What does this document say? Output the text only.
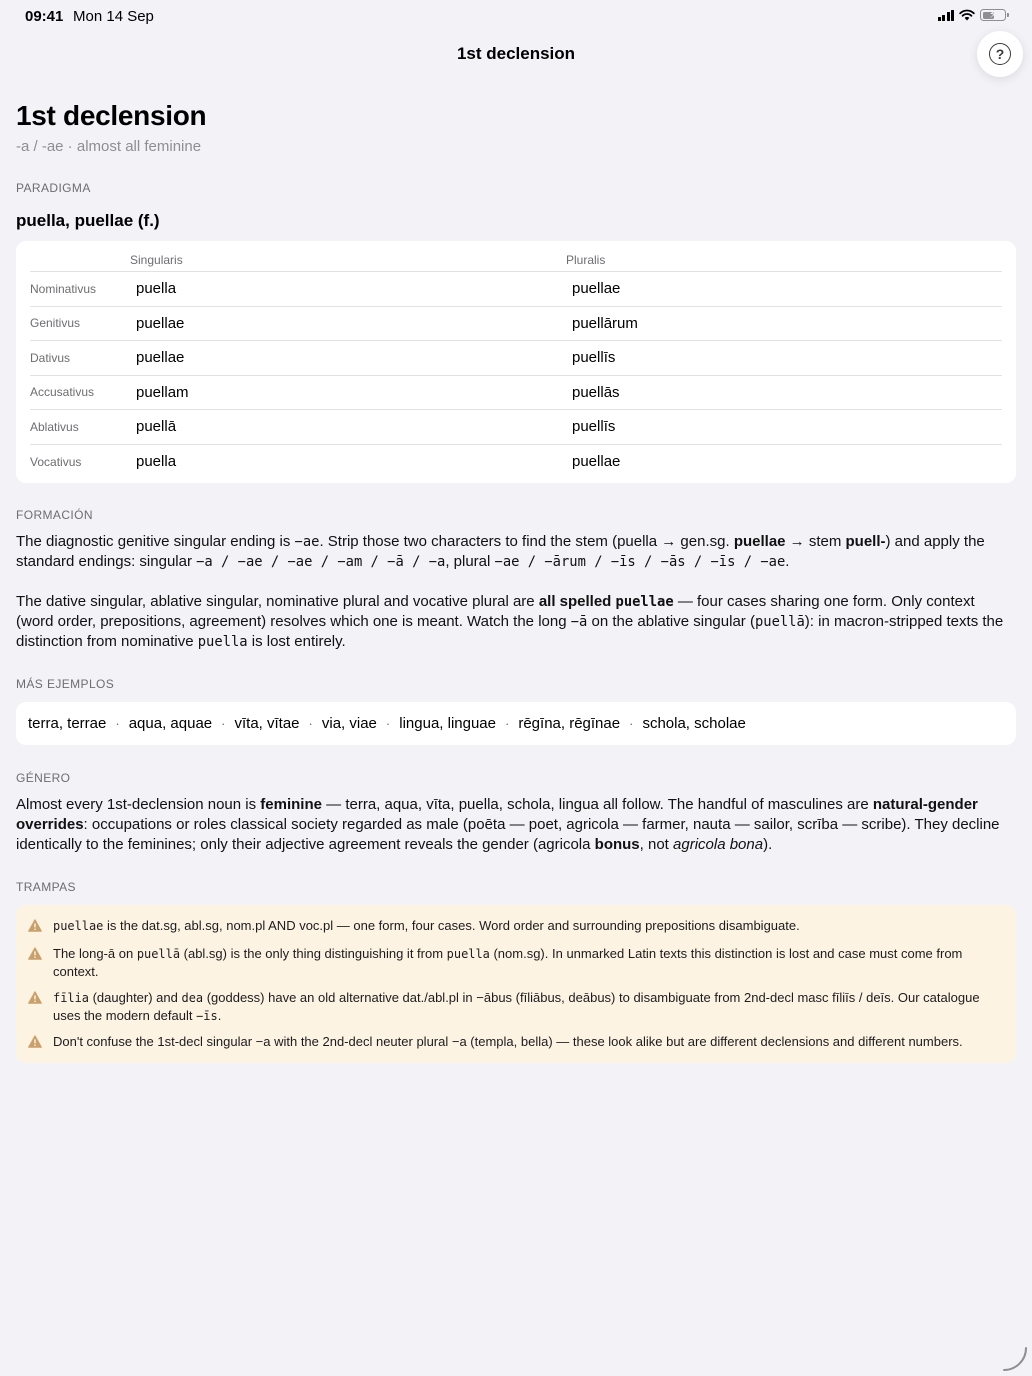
09:41 Mon 14 Sep	⚡
1st declension	?
1st declension
-a / -ae · almost all feminine
PARADIGMA
puella, puellae (f.)
Singularis	Pluralis
Nominativus	puella	puellae
Genitivus	puellae	puellārum
Dativus	puellae	puellīs
Accusativus	puellam	puellās
Ablativus	puellā	puellīs
Vocativus	puella	puellae
FORMACIÓN

The diagnostic genitive singular ending is −ae. Strip those two characters to find the stem (puella → gen.sg. puellae → stem puell-) and apply the standard endings: singular −a / −ae / −ae / −am / −ā / −a, plural −ae / −ārum / −īs / −ās / −īs / −ae.

The dative singular, ablative singular, nominative plural and vocative plural are all spelled puellae — four cases sharing one form. Only context (word order, prepositions, agreement) resolves which one is meant. Watch the long −ā on the ablative singular (puellā): in macron-stripped texts the distinction from nominative puella is lost entirely.

MÁS EJEMPLOS
terra, terrae · aqua, aquae · vīta, vītae · via, viae · lingua, linguae · rēgīna, rēgīnae · schola, scholae
GÉNERO

Almost every 1st-declension noun is feminine — terra, aqua, vīta, puella, schola, lingua all follow. The handful of masculines are natural-gender overrides: occupations or roles classical society regarded as male (poēta — poet, agricola — farmer, nauta — sailor, scrība — scribe). They decline identically to the feminines; only their adjective agreement reveals the gender (agricola bonus, not agricola bona).

TRAMPAS
puellae is the dat.sg, abl.sg, nom.pl AND voc.pl — one form, four cases. Word order and surrounding prepositions disambiguate.
The long-ā on puellā (abl.sg) is the only thing distinguishing it from puella (nom.sg). In unmarked Latin texts this distinction is lost and case must come from context.
fīlia (daughter) and dea (goddess) have an old alternative dat./abl.pl in −ābus (fīliābus, deābus) to disambiguate from 2nd-decl masc fīliīs / deīs. Our catalogue uses the modern default −īs.
Don't confuse the 1st-decl singular −a with the 2nd-decl neuter plural −a (templa, bella) — these look alike but are different declensions and different numbers.
